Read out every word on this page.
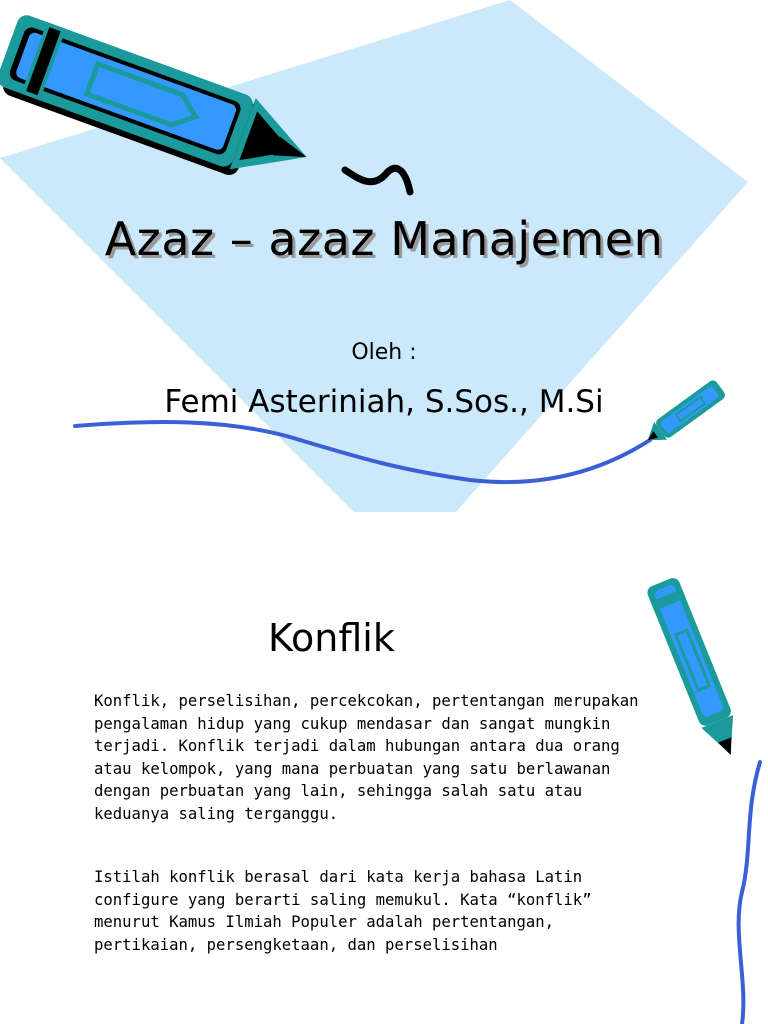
Azaz – azaz Manajemen
Oleh :
Femi Asteriniah, S.Sos., M.Si
Konflik
Konflik, perselisihan, percekcokan, pertentangan merupakan
pengalaman hidup yang cukup mendasar dan sangat mungkin
terjadi. Konflik terjadi dalam hubungan antara dua orang
atau kelompok, yang mana perbuatan yang satu berlawanan
dengan perbuatan yang lain, sehingga salah satu atau
keduanya saling terganggu.
Istilah konflik berasal dari kata kerja bahasa Latin
configure yang berarti saling memukul. Kata “konflik”
menurut Kamus Ilmiah Populer adalah pertentangan,
pertikaian, persengketaan, dan perselisihan
